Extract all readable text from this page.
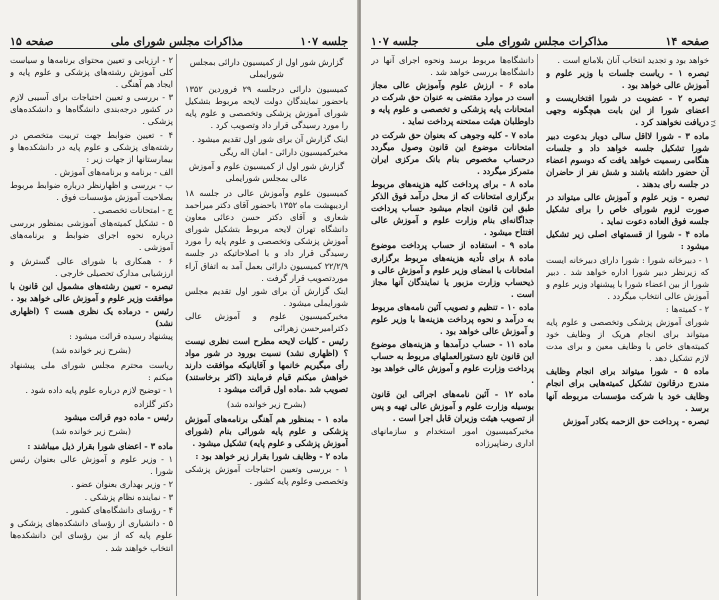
جلسه ۱۰۷
مذاکرات مجلس شورای ملی
صفحه ۱۵

گزارش شور اول از کمیسیون دارائی بمجلس شورایملی

کمیسیون دارائی درجلسه ۲۹ فروردین ۱۳۵۲ باحضور نمایندگان دولت لایحه مربوط بتشکیل شورای آموزش پزشکی وتخصصی و علوم پایه را مورد رسیدگی قرار داد وتصویب کرد .

اینک گزارش آن برای شور اول تقدیم میشود .

مخبرکمیسیون دارائی - امان اله ریگی

گزارش شور اول از کمیسیون علوم و آموزش عالی بمجلس شورایملی

کمیسیون علوم وآموزش عالی در جلسه ۱۸ اردیبهشت ماه ۱۳۵۲ باحضور آقای دکتر میراحمد شعارى و آقای دکتر حسن دعائی معاون دانشگاه تهران لایحه مربوط بتشکیل شورای آموزش پزشکی وتخصصی و علوم پایه را مورد رسیدگی قرار داد و با اصلاحاتیکه در جلسه ۲۲/۲/۹ کمیسیون دارائی بعمل آمد به اتفاق آراء موردتصویب قرار گرفت .

اینک گزارش آن برای شور اول تقدیم مجلس شورایملی میشود .

مخبرکمیسیون علوم و آموزش عالی دکترامیرحسن زهرائی

رئیس - کلیات لایحه مطرح است نظری نیست ؟ (اظهاری نشد) نسبت بورود در شور مواد رأی میگیریم خانمها و آقایانیکه موافقت دارند خواهش میکنم قیام فرمایند (اکثر برخاستند) تصویب شد .ماده اول قرائت میشود :

(بشرح زیر خوانده شد)

ماده ۱ - بمنظور هم آهنگی برنامه‌های آموزش پزشکی و علوم پایه شورائی بنام (شورای آموزش پزشکی و علوم پایه) تشکیل میشود .

ماده ۲ - وظایف شورا بقرار زیر خواهد بود :

۱ - بررسی وتعیین احتیاجات آموزش پزشکی وتخصصی وعلوم پایه کشور .

۲ - ارزیابی و تعیین محتوای برنامه‌ها و سیاست کلی آموزش رشته‌های پزشکی و علوم پایه و ایجاد هم آهنگی .

۳ - بررسی و تعیین احتیاجات برای آسیبی لازم در کشور درجه‌بندی دانشگاه‌ها و دانشکده‌های پزشکی .

۴ - تعیین ضوابط جهت تربیت متخصص در رشته‌های پزشکی و علوم پایه در دانشکده‌ها و بیمارستانها از جهات زیر :

الف - برنامه و برنامه‌های آموزش .

ب - بررسی و اظهارنظر درباره ضوابط مربوط بصلاحیت آموزش مؤسسات فوق .

ج - امتحانات تخصصی .

۵ - تشکیل کمیته‌های آموزشی بمنظور بررسی درباره نحوه اجرای ضوابط و برنامه‌های آموزشی .

۶ - همکاری با شورای عالی گسترش و ارزشیابی مدارک تحصیلی خارجی .

تبصره - تعیین رشته‌های مشمول این قانون با موافقت وزیر علوم و آموزش عالی خواهد بود .

رئیس - درماده یک نظری هست ؟ (اظهاری نشد)

پیشنهاد رسیده قرائت میشود :

(بشرح زیر خوانده شد)

ریاست محترم مجلس شورای ملی پیشنهاد میکنم :

۱ - توضیح لازم درباره علوم پایه داده شود .

دکتر گلزاده

رئیس - ماده دوم قرائت میشود

(بشرح زیر خوانده شد)

ماده ۳ - اعضای شورا بقرار ذیل میباشند :

۱ - وزیر علوم و آموزش عالی بعنوان رئیس شورا .

۲ - وزیر بهداری بعنوان عضو .

۳ - نماینده نظام پزشکی .

۴ - رؤسای دانشگاه‌های کشور .

۵ - دانشیاری از رؤسای دانشکده‌های پزشکی و علوم پایه که از بین رؤسای این دانشکده‌ها انتخاب خواهند شد .

صفحه ۱۴
مذاکرات مجلس شورای ملی
جلسه ۱۰۷

خواهد بود و تجدید انتخاب آنان بلامانع است .

تبصره ۱ - ریاست جلسات با وزیر علوم و آموزش عالی خواهد بود .

تبصره ۲ - عضویت در شورا افتخاریست و اعضای شورا از این بابت هیچگونه وجهی دریافت نخواهند کرد .

ماده ۳ - شورا لااقل سالی دوبار بدعوت دبیر شورا تشکیل جلسه خواهد داد و جلسات هنگامی رسمیت خواهد یافت که دوسوم اعضاء آن حضور داشته باشند و شش نفر از حاضران در جلسه رای بدهند .

تبصره - وزیر علوم و آموزش عالی میتواند در صورت لزوم شورای خاص را برای تشکیل جلسه فوق العاده دعوت نماید .

ماده ۴ - شورا از قسمتهای اصلی زیر تشکیل میشود :

۱ - دبیرخانه شورا : شورا دارای دبیرخانه ایست که زیرنظر دبیر شورا اداره خواهد شد . دبیر شورا از بین اعضاء شورا با پیشنهاد وزیر علوم و آموزش عالی انتخاب میگردد .

۲ - کمیته‌ها :

شورای آموزش پزشکی وتخصصی و علوم پایه میتواند برای انجام هریک از وظایف خود کمیته‌های خاص با وظایف معین و برای مدت لازم تشکیل دهد .

ماده ۵ - شورا میتواند برای انجام وظایف مندرج درقانون تشکیل کمیته‌هایی برای انجام وظایف خود با شرکت مؤسسات مربوطه آنها برسد .

تبصره - پرداخت حق الزحمه بکادر آموزش

دانشگاه‌ها مربوط برسد ونحوه اجرای آنها در دانشگاه‌ها بررسی خواهد شد .

ماده ۶ - ارزش علوم وآموزش عالی مجاز است در موارد مقتضی به عنوان حق شرکت در امتحانات پایه پزشکی و تخصصی و علوم پایه و داوطلبان هیئت ممتحنه پرداخت نماید .

ماده ۷ - کلیه وجوهی که بعنوان حق شرکت در امتحانات موضوع این قانون وصول میگردد درحساب مخصوص بنام بانک مرکزی ایران متمرکز میگردد .

ماده ۸ - برای پرداخت کلیه هزینه‌های مربوط برگزاری امتحانات که از محل درآمد فوق الذکر طبق این قانون انجام میشود حساب پرداخت جداگانه‌ای بنام وزارت علوم و آموزش عالی افتتاح میشود .

ماده ۹ - استفاده از حساب پرداخت موضوع ماده ۸ برای تأدیه هزینه‌های مربوط برگزاری امتحانات با امضای وزیر علوم و آموزش عالی و ذیحساب وزارت مزبور یا نمایندگان آنها مجاز است .

ماده ۱۰ - تنظیم و تصویب آئین نامه‌های مربوط به درآمد و نحوه پرداخت هزینه‌ها با وزیر علوم و آموزش عالی خواهد بود .

ماده ۱۱ - حساب درآمدها و هزینه‌های موضوع این قانون تابع دستورالعملهای مربوط به حساب پرداخت وزارت علوم و آموزش عالی خواهد بود .

ماده ۱۲ - آئین نامه‌های اجرائی این قانون بوسیله وزارت علوم و آموزش عالی تهیه و پس از تصویب هیئت وزیران قابل اجرا است .

مخبرکمیسیون امور استخدام و سازمانهای اداری رضاپیرزاده

۲۸
